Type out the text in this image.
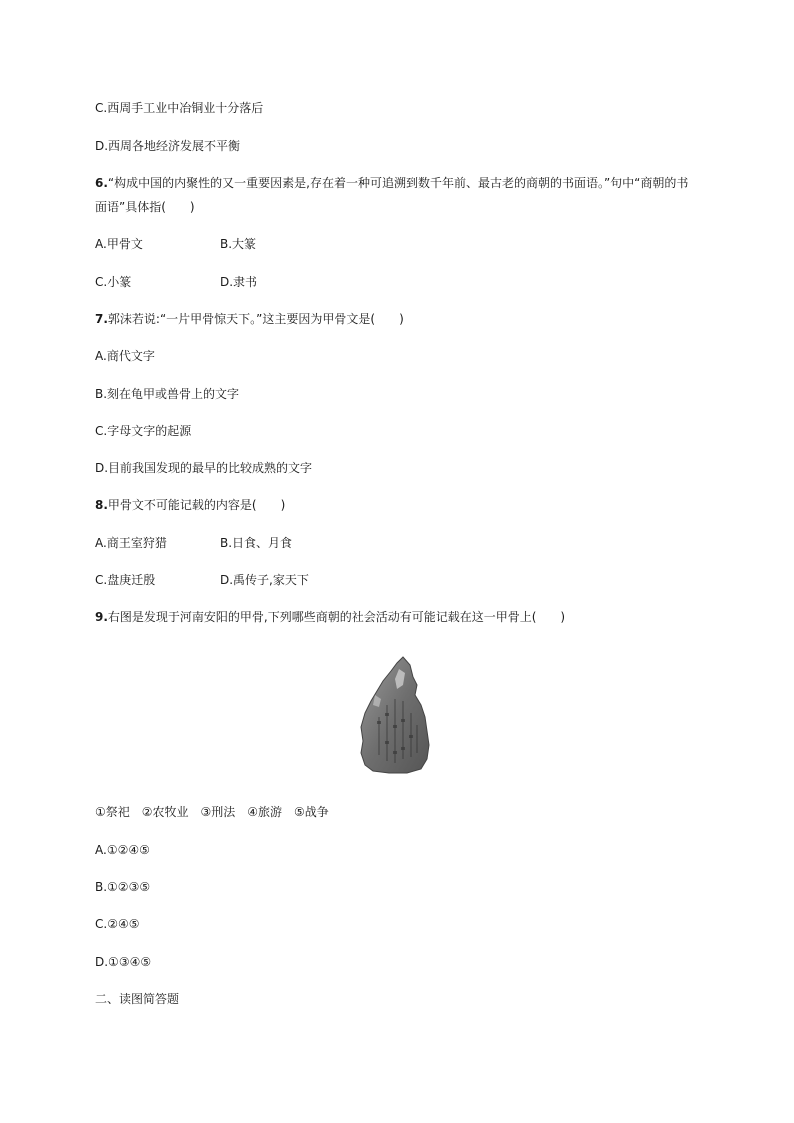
C.西周手工业中冶铜业十分落后
D.西周各地经济发展不平衡
6.“构成中国的内聚性的又一重要因素是,存在着一种可追溯到数千年前、最古老的商朝的书面语。”句中“商朝的书
面语”具体指(　　)
A.甲骨文	B.大篆
C.小篆	D.隶书
7.郭沫若说:“一片甲骨惊天下。”这主要因为甲骨文是(　　)
A.商代文字
B.刻在龟甲或兽骨上的文字
C.字母文字的起源
D.目前我国发现的最早的比较成熟的文字
8.甲骨文不可能记载的内容是(　　)
A.商王室狩猎	B.日食、月食
C.盘庚迁殷	D.禹传子,家天下
9.右图是发现于河南安阳的甲骨,下列哪些商朝的社会活动有可能记载在这一甲骨上(　　)
①祭祀　②农牧业　③刑法　④旅游　⑤战争
A.①②④⑤
B.①②③⑤
C.②④⑤
D.①③④⑤
二、读图简答题
